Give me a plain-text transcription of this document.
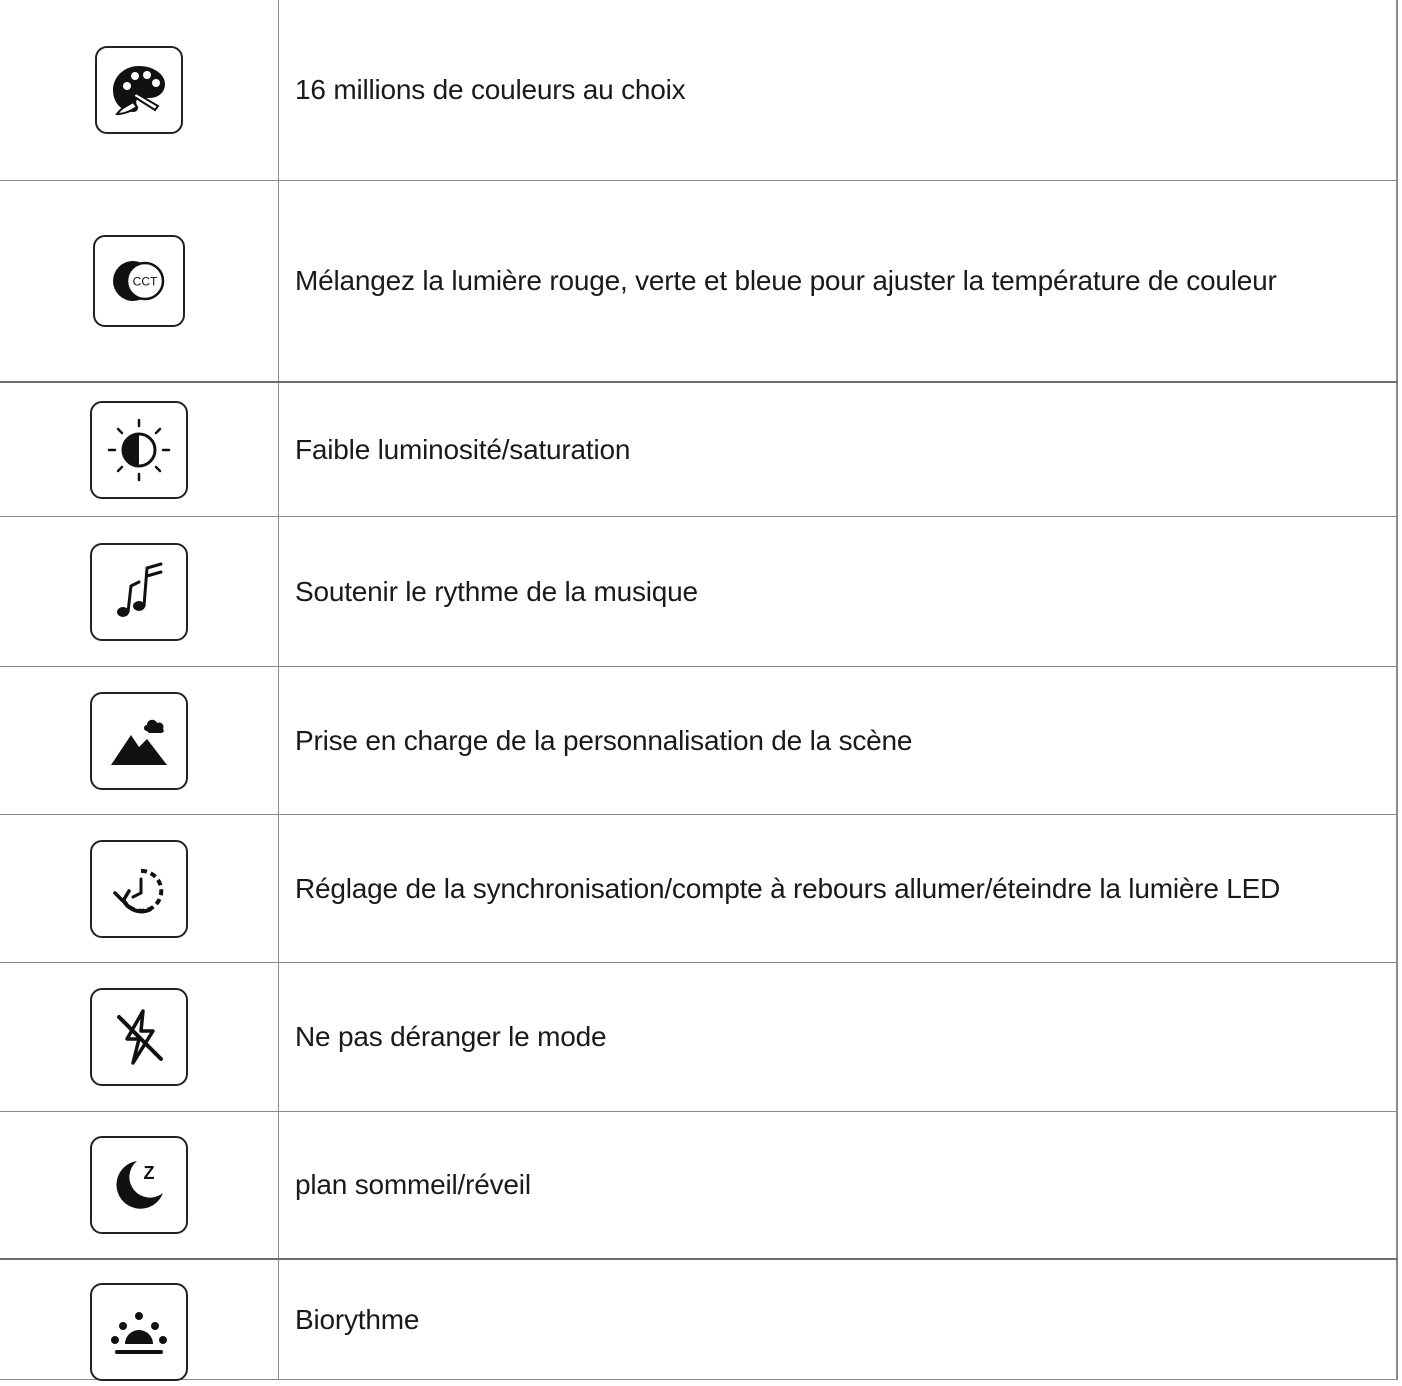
16 millions de couleurs au choix
CCT	Mélangez la lumière rouge, verte et bleue pour ajuster la température de couleur
Faible luminosité/saturation
Soutenir le rythme de la musique
Prise en charge de la personnalisation de la scène
Réglage de la synchronisation/compte à rebours allumer/éteindre la lumière LED
Ne pas déranger le mode
Z	plan sommeil/réveil
Biorythme
